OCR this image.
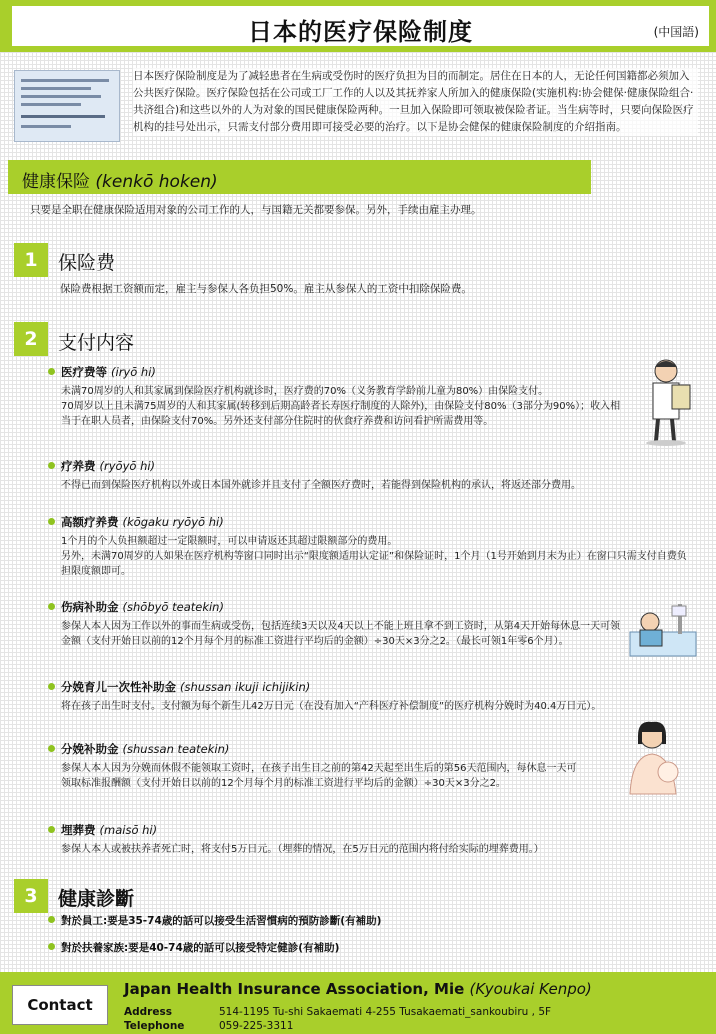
日本的医疗保险制度	(中国語)
日本医疗保险制度是为了减轻患者在生病或受伤时的医疗负担为目的而制定。居住在日本的人，无论任何国籍都必须加入公共医疗保险。医疗保险包括在公司或工厂工作的人以及其抚养家人所加入的健康保险(实施机构:协会健保·健康保险组合·共济组合)和这些以外的人为对象的国民健康保险两种。一旦加入保险即可领取被保险者证。当生病等时，只要向保险医疗机构的挂号处出示，只需支付部分费用即可接受必要的治疗。以下是协会健保的健康保险制度的介绍指南。
健康保险 (kenkō hoken)
只要是全职在健康保险适用对象的公司工作的人，与国籍无关都要参保。另外，手续由雇主办理。
1	保险费
保险费根据工资额而定，雇主与参保人各负担50%。雇主从参保人的工资中扣除保险费。
2	支付内容
医疗费等 (iryō hi)
未满70周岁的人和其家属到保险医疗机构就诊时，医疗费的70%（义务教育学龄前儿童为80%）由保险支付。
70周岁以上且未满75周岁的人和其家属(转移到后期高龄者长寿医疗制度的人除外)，由保险支付80%（3部分为90%）；收入相当于在职人员者，由保险支付70%。另外还支付部分住院时的伙食疗养费和访问看护所需费用等。
疗养费 (ryōyō hi)
不得已而到保险医疗机构以外或日本国外就诊并且支付了全额医疗费时，若能得到保险机构的承认，将返还部分费用。
高额疗养费 (kōgaku ryōyō hi)
1个月的个人负担额超过一定限额时，可以申请返还其超过限额部分的费用。
另外，未满70周岁的人如果在医疗机构等窗口同时出示“限度额适用认定证”和保险证时，1个月（1号开始到月末为止）在窗口只需支付自费负担限度额即可。
伤病补助金 (shōbyō teatekin)
参保人本人因为工作以外的事而生病或受伤，包括连续3天以及4天以上不能上班且拿不到工资时，从第4天开始每休息一天可领金额（支付开始日以前的12个月每个月的标准工资进行平均后的金额）÷30天×3分之2。（最长可领1年零6个月）。
分娩育儿一次性补助金 (shussan ikuji ichijikin)
将在孩子出生时支付。支付额为每个新生儿42万日元（在没有加入“产科医疗补偿制度”的医疗机构分娩时为40.4万日元）。
分娩补助金 (shussan teatekin)
参保人本人因为分娩而休假不能领取工资时，在孩子出生日之前的第42天起至出生后的第56天范围内，每休息一天可领取标准报酬额（支付开始日以前的12个月每个月的标准工资进行平均后的金额）÷30天×3分之2。
埋葬费 (maisō hi)
参保人本人或被扶养者死亡时，将支付5万日元。（埋葬的情况，在5万日元的范围内将付给实际的埋葬费用。）
3	健康診斷
對於員工:要是35-74歳的話可以接受生活習慣病的預防診斷(有補助)
對於扶養家族:要是40-74歳的話可以接受特定健診(有補助)
Contact
Japan Health Insurance Association, Mie (Kyoukai Kenpo)
Address	514-1195 Tu-shi Sakaemati 4-255 Tusakaemati_sankoubiru , 5F
Telephone	059-225-3311
